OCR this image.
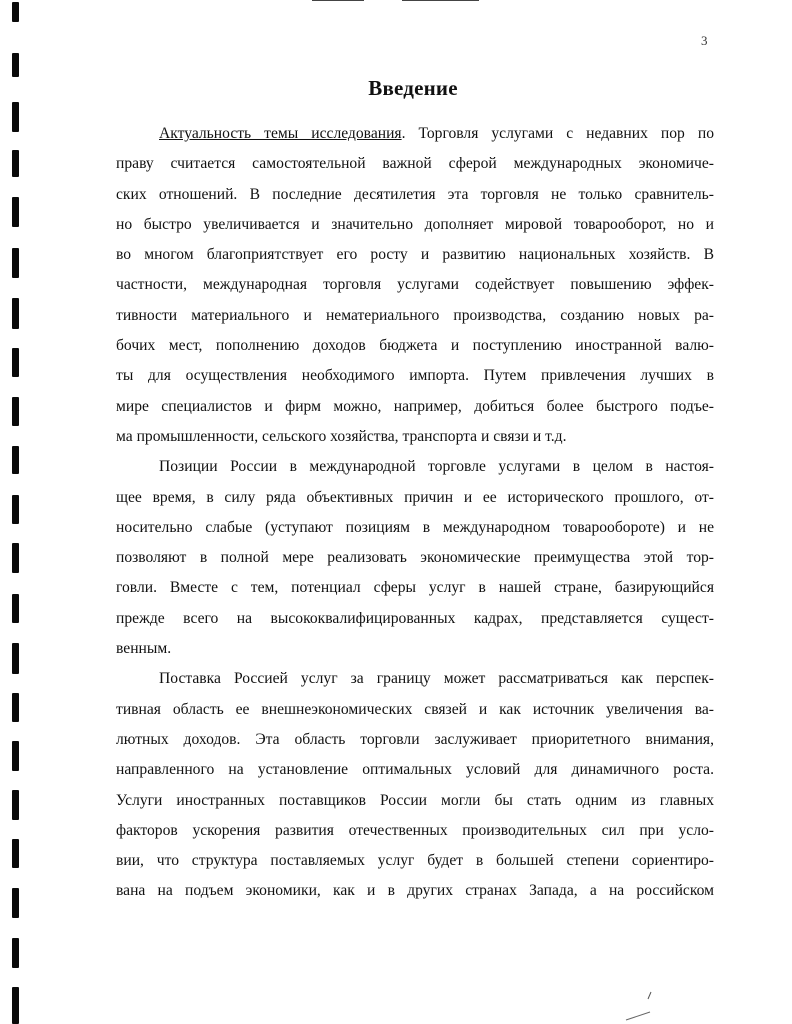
3
Введение
Актуальность темы исследования. Торговля услугами с недавних пор по
праву считается самостоятельной важной сферой международных экономиче-
ских отношений. В последние десятилетия эта торговля не только сравнитель-
но быстро увеличивается и значительно дополняет мировой товарооборот, но и
во многом благоприятствует его росту и развитию национальных хозяйств. В
частности, международная торговля услугами содействует повышению эффек-
тивности материального и нематериального производства, созданию новых ра-
бочих мест, пополнению доходов бюджета и поступлению иностранной валю-
ты для осуществления необходимого импорта. Путем привлечения лучших в
мире специалистов и фирм можно, например, добиться более быстрого подъе-
ма промышленности, сельского хозяйства, транспорта и связи и т.д.
Позиции России в международной торговле услугами в целом в настоя-
щее время, в силу ряда объективных причин и ее исторического прошлого, от-
носительно слабые (уступают позициям в международном товарообороте) и не
позволяют в полной мере реализовать экономические преимущества этой тор-
говли. Вместе с тем, потенциал сферы услуг в нашей стране, базирующийся
прежде всего на высококвалифицированных кадрах, представляется сущест-
венным.
Поставка Россией услуг за границу может рассматриваться как перспек-
тивная область ее внешнеэкономических связей и как источник увеличения ва-
лютных доходов. Эта область торговли заслуживает приоритетного внимания,
направленного на установление оптимальных условий для динамичного роста.
Услуги иностранных поставщиков России могли бы стать одним из главных
факторов ускорения развития отечественных производительных сил при усло-
вии, что структура поставляемых услуг будет в большей степени сориентиро-
вана на подъем экономики, как и в других странах Запада, а на российском
